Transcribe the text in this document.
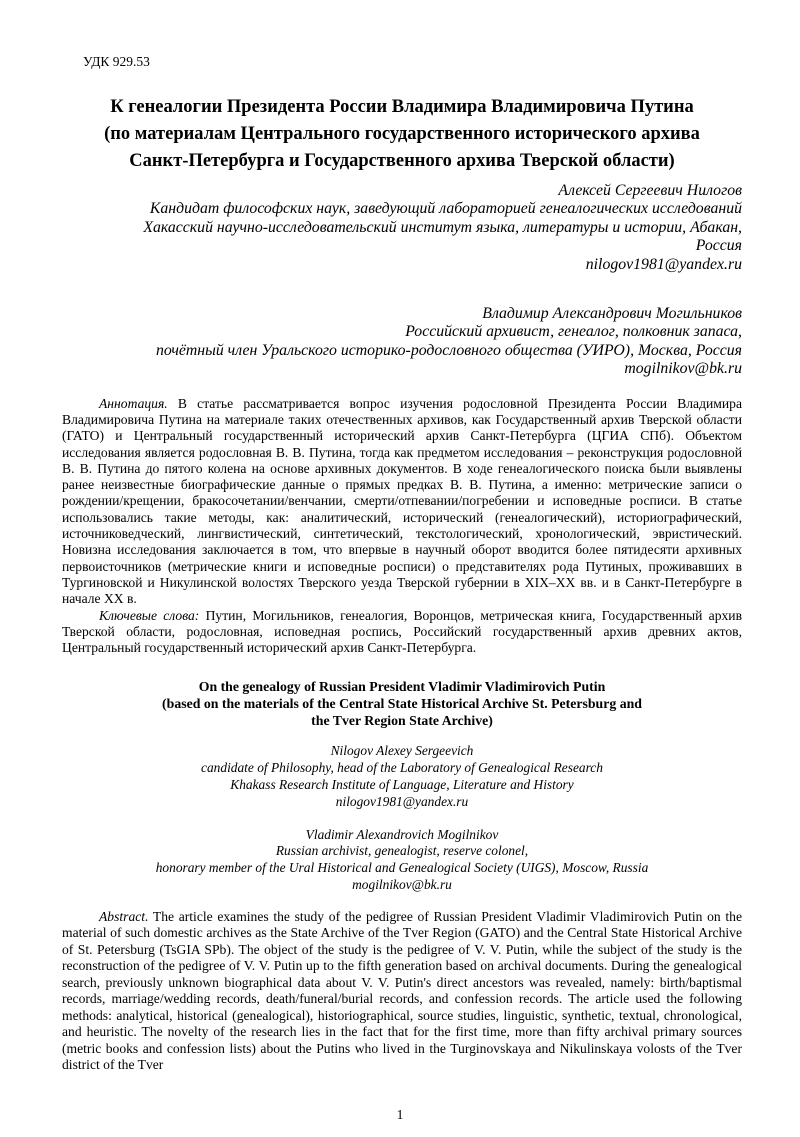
УДК 929.53
К генеалогии Президента России Владимира Владимировича Путина
(по материалам Центрального государственного исторического архива
Санкт-Петербурга и Государственного архива Тверской области)
Алексей Сергеевич Нилогов
Кандидат философских наук, заведующий лабораторией генеалогических исследований
Хакасский научно-исследовательский институт языка, литературы и истории, Абакан,
Россия
nilogov1981@yandex.ru
Владимир Александрович Могильников
Российский архивист, генеалог, полковник запаса,
почётный член Уральского историко-родословного общества (УИРО), Москва, Россия
mogilnikov@bk.ru

Аннотация. В статье рассматривается вопрос изучения родословной Президента России Владимира Владимировича Путина на материале таких отечественных архивов, как Государственный архив Тверской области (ГАТО) и Центральный государственный исторический архив Санкт-Петербурга (ЦГИА СПб). Объектом исследования является родословная В. В. Путина, тогда как предметом исследования – реконструкция родословной В. В. Путина до пятого колена на основе архивных документов. В ходе генеалогического поиска были выявлены ранее неизвестные биографические данные о прямых предках В. В. Путина, а именно: метрические записи о рождении/крещении, бракосочетании/венчании, смерти/отпевании/погребении и исповедные росписи. В статье использовались такие методы, как: аналитический, исторический (генеалогический), историографический, источниковедческий, лингвистический, синтетический, текстологический, хронологический, эвристический. Новизна исследования заключается в том, что впервые в научный оборот вводится более пятидесяти архивных первоисточников (метрические книги и исповедные росписи) о представителях рода Путиных, проживавших в Тургиновской и Никулинской волостях Тверского уезда Тверской губернии в XIX–XX вв. и в Санкт-Петербурге в начале XX в.

Ключевые слова: Путин, Могильников, генеалогия, Воронцов, метрическая книга, Государственный архив Тверской области, родословная, исповедная роспись, Российский государственный архив древних актов, Центральный государственный исторический архив Санкт-Петербурга.

On the genealogy of Russian President Vladimir Vladimirovich Putin
(based on the materials of the Central State Historical Archive St. Petersburg and
the Tver Region State Archive)
Nilogov Alexey Sergeevich
candidate of Philosophy, head of the Laboratory of Genealogical Research
Khakass Research Institute of Language, Literature and History
nilogov1981@yandex.ru
Vladimir Alexandrovich Mogilnikov
Russian archivist, genealogist, reserve colonel,
honorary member of the Ural Historical and Genealogical Society (UIGS), Moscow, Russia
mogilnikov@bk.ru

Abstract. The article examines the study of the pedigree of Russian President Vladimir Vladimirovich Putin on the material of such domestic archives as the State Archive of the Tver Region (GATO) and the Central State Historical Archive of St. Petersburg (TsGIA SPb). The object of the study is the pedigree of V. V. Putin, while the subject of the study is the reconstruction of the pedigree of V. V. Putin up to the fifth generation based on archival documents. During the genealogical search, previously unknown biographical data about V. V. Putin's direct ancestors was revealed, namely: birth/baptismal records, marriage/wedding records, death/funeral/burial records, and confession records. The article used the following methods: analytical, historical (genealogical), historiographical, source studies, linguistic, synthetic, textual, chronological, and heuristic. The novelty of the research lies in the fact that for the first time, more than fifty archival primary sources (metric books and confession lists) about the Putins who lived in the Turginovskaya and Nikulinskaya volosts of the Tver district of the Tver

1
